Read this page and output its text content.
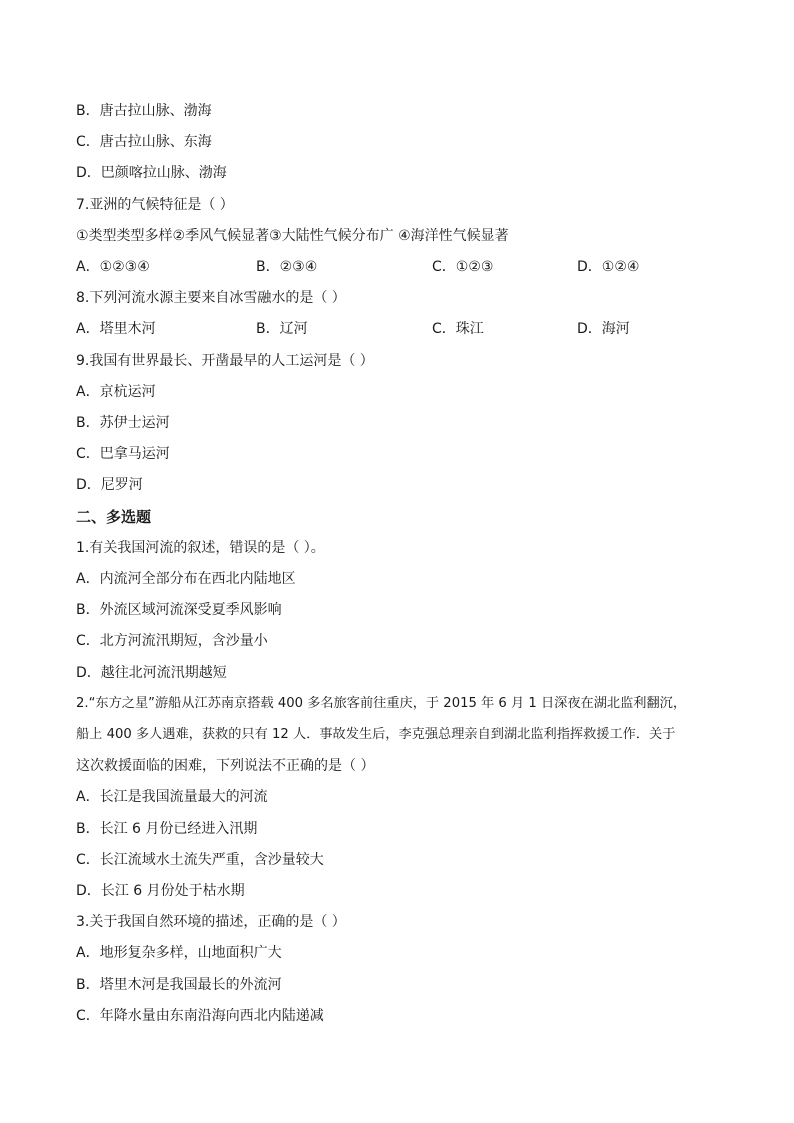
B．唐古拉山脉、渤海
C．唐古拉山脉、东海
D．巴颜喀拉山脉、渤海
7.亚洲的气候特征是（ ）
①类型类型多样②季风气候显著③大陆性气候分布广 ④海洋性气候显著
A．①②③④	B．②③④	C．①②③	D．①②④
8.下列河流水源主要来自冰雪融水的是（ ）
A．塔里木河	B．辽河	C．珠江	D．海河
9.我国有世界最长、开凿最早的人工运河是（ ）
A．京杭运河
B．苏伊士运河
C．巴拿马运河
D．尼罗河
二、多选题
1.有关我国河流的叙述，错误的是（ ）。
A．内流河全部分布在西北内陆地区
B．外流区域河流深受夏季风影响
C．北方河流汛期短，含沙量小
D．越往北河流汛期越短
2.“东方之星”游船从江苏南京搭载 400 多名旅客前往重庆，于 2015 年 6 月 1 日深夜在湖北监利翻沉，
船上 400 多人遇难，获救的只有 12 人．事故发生后，李克强总理亲自到湖北监利指挥救援工作．关于
这次救援面临的困难，下列说法不正确的是（ ）
A．长江是我国流量最大的河流
B．长江 6 月份已经进入汛期
C．长江流域水土流失严重，含沙量较大
D．长江 6 月份处于枯水期
3.关于我国自然环境的描述，正确的是（ ）
A．地形复杂多样，山地面积广大
B．塔里木河是我国最长的外流河
C．年降水量由东南沿海向西北内陆递减
